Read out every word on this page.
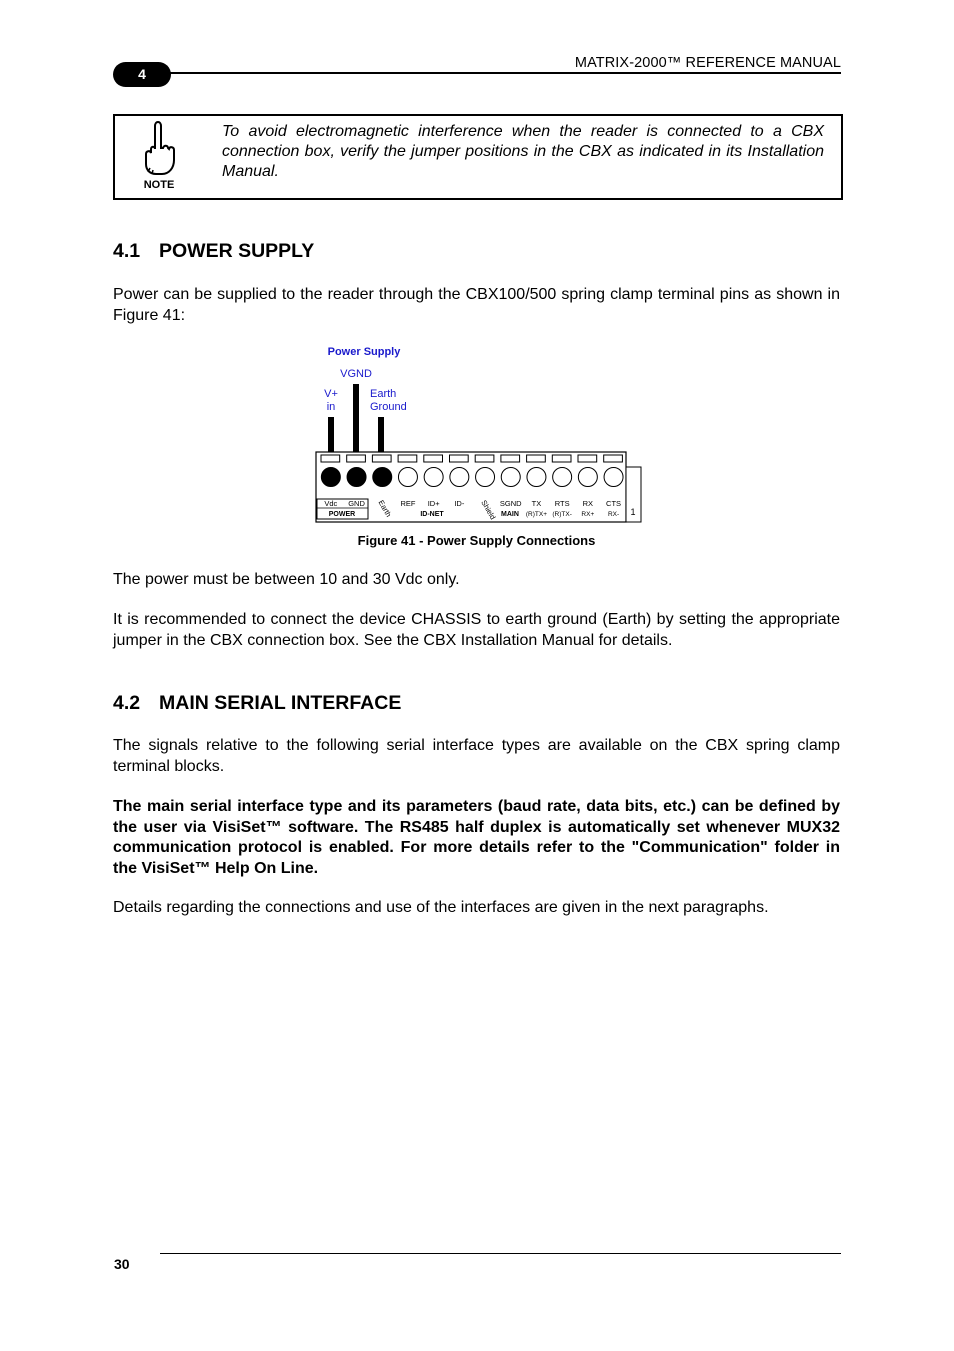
4
MATRIX-2000™ REFERENCE MANUAL
NOTE
To avoid electromagnetic interference when the reader is connected to a CBX connection box, verify the jumper positions in the CBX as indicated in its Installation Manual.
4.1 POWER SUPPLY

Power can be supplied to the reader through the CBX100/500 spring clamp terminal pins as shown in Figure 41:

Power Supply
VGND
V+
in
Earth
Ground
1
Vdc GND Earth REF ID+ ID- Shield SGND TX RTS RX CTS
(R)TX+ (R)TX- RX+ RX-
POWER	ID-NET	MAIN
Figure 41 - Power Supply Connections

The power must be between 10 and 30 Vdc only.

It is recommended to connect the device CHASSIS to earth ground (Earth) by setting the appropriate jumper in the CBX connection box. See the CBX Installation Manual for details.

4.2 MAIN SERIAL INTERFACE

The signals relative to the following serial interface types are available on the CBX spring clamp terminal blocks.

The main serial interface type and its parameters (baud rate, data bits, etc.) can be defined by the user via VisiSet™ software. The RS485 half duplex is automatically set whenever MUX32 communication protocol is enabled. For more details refer to the "Communication" folder in the VisiSet™ Help On Line.

Details regarding the connections and use of the interfaces are given in the next paragraphs.

30
